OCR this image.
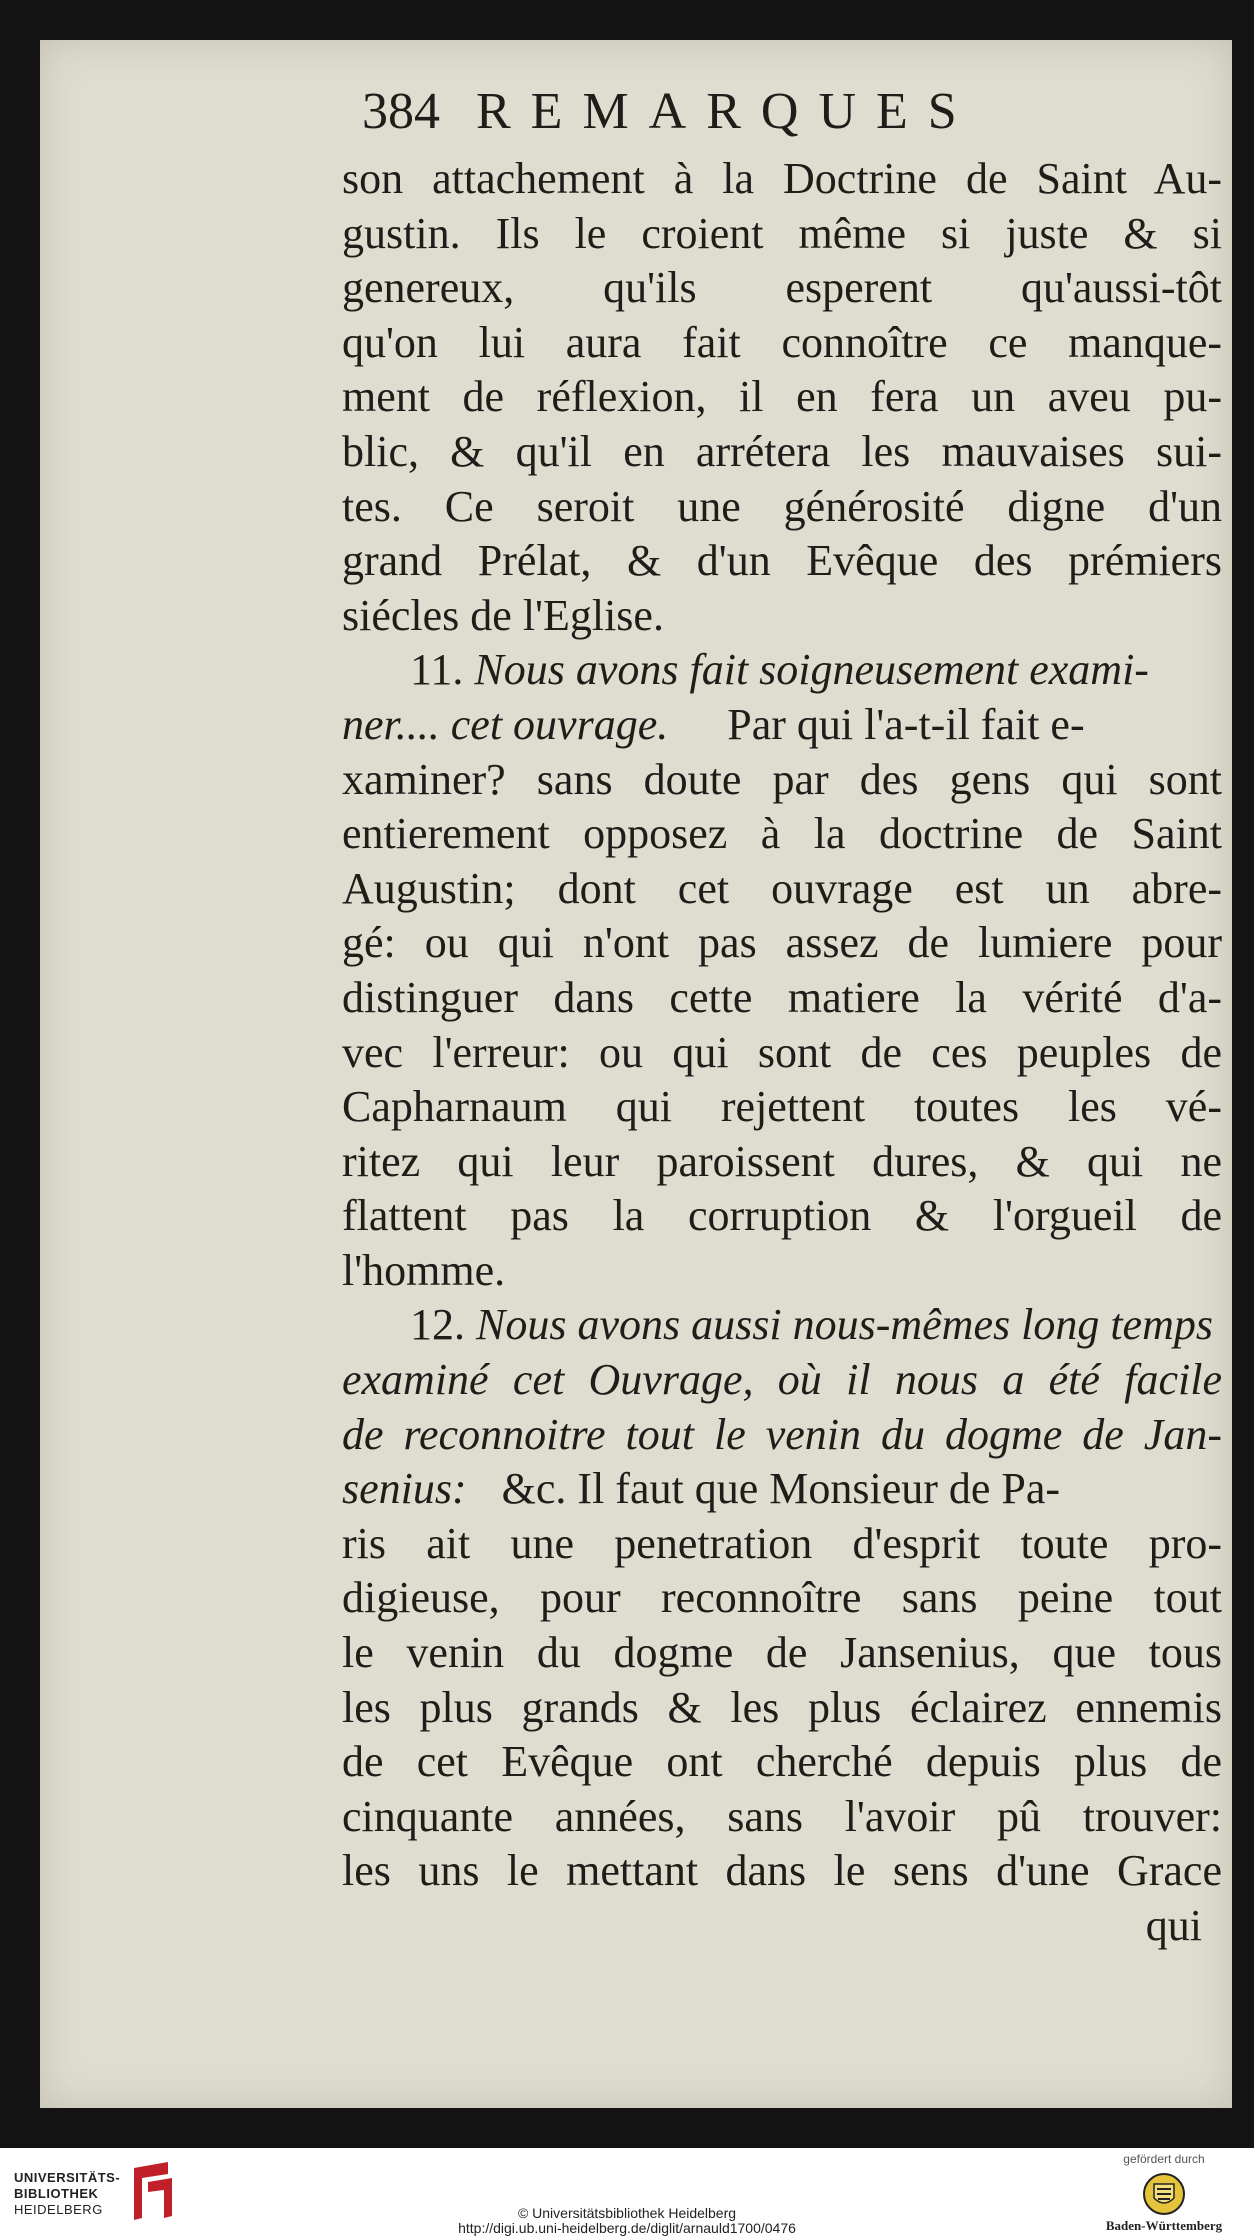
384 REMARQUES
son attachement à la Doctrine de Saint Au-
gustin. Ils le croient même si juste & si
genereux, qu'ils esperent qu'aussi-tôt
qu'on lui aura fait connoître ce manque-
ment de réflexion, il en fera un aveu pu-
blic, & qu'il en arrétera les mauvaises sui-
tes. Ce seroit une générosité digne d'un
grand Prélat, & d'un Evêque des prémiers
siécles de l'Eglise.
11. Nous avons fait soigneusement exami-
ner.... cet ouvrage. Par qui l'a-t-il fait e-
xaminer? sans doute par des gens qui sont
entierement opposez à la doctrine de Saint
Augustin; dont cet ouvrage est un abre-
gé: ou qui n'ont pas assez de lumiere pour
distinguer dans cette matiere la vérité d'a-
vec l'erreur: ou qui sont de ces peuples de
Capharnaum qui rejettent toutes les vé-
ritez qui leur paroissent dures, & qui ne
flattent pas la corruption & l'orgueil de
l'homme.
12. Nous avons aussi nous-mêmes long temps
examiné cet Ouvrage, où il nous a été facile
de reconnoitre tout le venin du dogme de Jan-
senius: &c. Il faut que Monsieur de Pa-
ris ait une penetration d'esprit toute pro-
digieuse, pour reconnoître sans peine tout
le venin du dogme de Jansenius, que tous
les plus grands & les plus éclairez ennemis
de cet Evêque ont cherché depuis plus de
cinquante années, sans l'avoir pû trouver:
les uns le mettant dans le sens d'une Grace
qui
UNIVERSITÄTS-
BIBLIOTHEK
HEIDELBERG	© Universitätsbibliothek Heidelberg
http://digi.ub.uni-heidelberg.de/diglit/arnauld1700/0476
gefördert durch
Baden-Württemberg
